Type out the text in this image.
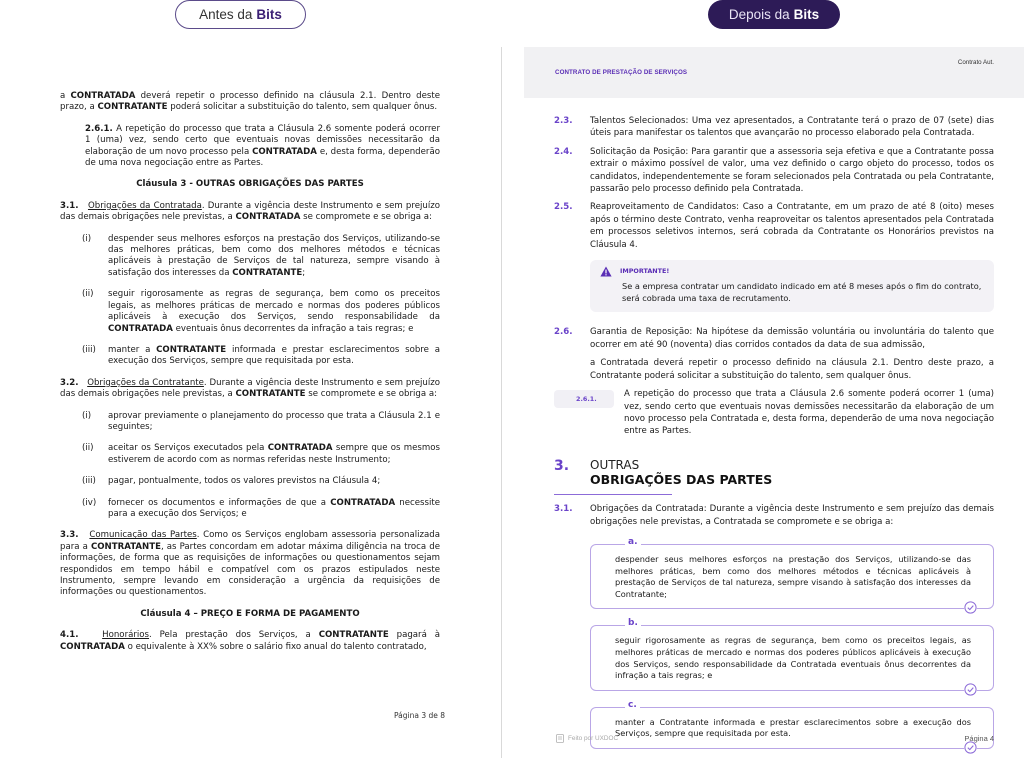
Antes da Bits	Depois da Bits

a CONTRATADA deverá repetir o processo definido na cláusula 2.1. Dentro deste prazo, a CONTRATANTE poderá solicitar a substituição do talento, sem qualquer ônus.

2.6.1. A repetição do processo que trata a Cláusula 2.6 somente poderá ocorrer 1 (uma) vez, sendo certo que eventuais novas demissões necessitarão da elaboração de um novo processo pela CONTRATADA e, desta forma, dependerão de uma nova negociação entre as Partes.

Cláusula 3 - OUTRAS OBRIGAÇÕES DAS PARTES

3.1. Obrigações da Contratada. Durante a vigência deste Instrumento e sem prejuízo das demais obrigações nele previstas, a CONTRATADA se compromete e se obriga a:

(i)	despender seus melhores esforços na prestação dos Serviços, utilizando-se das melhores práticas, bem como dos melhores métodos e técnicas aplicáveis à prestação de Serviços de tal natureza, sempre visando à satisfação dos interesses da CONTRATANTE;
(ii)	seguir rigorosamente as regras de segurança, bem como os preceitos legais, as melhores práticas de mercado e normas dos poderes públicos aplicáveis à execução dos Serviços, sendo responsabilidade da CONTRATADA eventuais ônus decorrentes da infração a tais regras; e
(iii)	manter a CONTRATANTE informada e prestar esclarecimentos sobre a execução dos Serviços, sempre que requisitada por esta.

3.2. Obrigações da Contratante. Durante a vigência deste Instrumento e sem prejuízo das demais obrigações nele previstas, a CONTRATANTE se compromete e se obriga a:

(i)	aprovar previamente o planejamento do processo que trata a Cláusula 2.1 e seguintes;
(ii)	aceitar os Serviços executados pela CONTRATADA sempre que os mesmos estiverem de acordo com as normas referidas neste Instrumento;
(iii)	pagar, pontualmente, todos os valores previstos na Cláusula 4;
(iv)	fornecer os documentos e informações de que a CONTRATADA necessite para a execução dos Serviços; e

3.3. Comunicação das Partes. Como os Serviços englobam assessoria personalizada para a CONTRATANTE, as Partes concordam em adotar máxima diligência na troca de informações, de forma que as requisições de informações ou questionamentos sejam respondidos em tempo hábil e compatível com os prazos estipulados neste Instrumento, sempre levando em consideração a urgência da requisições de informações ou questionamentos.

Cláusula 4 – PREÇO E FORMA DE PAGAMENTO

4.1.	Honorários. Pela prestação dos Serviços, a CONTRATANTE pagará à CONTRATADA o equivalente à XX% sobre o salário fixo anual do talento contratado,

Página 3 de 8
CONTRATO DE PRESTAÇÃO DE SERVIÇOS
Contrato Aut.
2.3.	Talentos Selecionados: Uma vez apresentados, a Contratante terá o prazo de 07 (sete) dias úteis para manifestar os talentos que avançarão no processo elaborado pela Contratada.
2.4.	Solicitação da Posição: Para garantir que a assessoria seja efetiva e que a Contratante possa extrair o máximo possível de valor, uma vez definido o cargo objeto do processo, todos os candidatos, independentemente se foram selecionados pela Contratada ou pela Contratante, passarão pelo processo definido pela Contratada.
2.5.	Reaproveitamento de Candidatos: Caso a Contratante, em um prazo de até 8 (oito) meses após o término deste Contrato, venha reaproveitar os talentos apresentados pela Contratada em processos seletivos internos, será cobrada da Contratante os Honorários previstos na Cláusula 4.
IMPORTANTE!
Se a empresa contratar um candidato indicado em até 8 meses após o fim do contrato, será cobrada uma taxa de recrutamento.
2.6.	Garantia de Reposição: Na hipótese da demissão voluntária ou involuntária do talento que ocorrer em até 90 (noventa) dias corridos contados da data de sua admissão,

a Contratada deverá repetir o processo definido na cláusula 2.1. Dentro deste prazo, a Contratante poderá solicitar a substituição do talento, sem qualquer ônus.

2.6.1.	A repetição do processo que trata a Cláusula 2.6 somente poderá ocorrer 1 (uma) vez, sendo certo que eventuais novas demissões necessitarão da elaboração de um novo processo pela Contratada e, desta forma, dependerão de uma nova negociação entre as Partes.
3.	OUTRAS
OBRIGAÇÕES DAS PARTES
3.1.	Obrigações da Contratada: Durante a vigência deste Instrumento e sem prejuízo das demais obrigações nele previstas, a Contratada se compromete e se obriga a:
a.
despender seus melhores esforços na prestação dos Serviços, utilizando-se das melhores práticas, bem como dos melhores métodos e técnicas aplicáveis à prestação de Serviços de tal natureza, sempre visando à satisfação dos interesses da Contratante;
b.
seguir rigorosamente as regras de segurança, bem como os preceitos legais, as melhores práticas de mercado e normas dos poderes públicos aplicáveis à execução dos Serviços, sendo responsabilidade da Contratada eventuais ônus decorrentes da infração a tais regras; e
c.
manter a Contratante informada e prestar esclarecimentos sobre a execução dos Serviços, sempre que requisitada por esta.
Feito por UXDOC	Página 4
